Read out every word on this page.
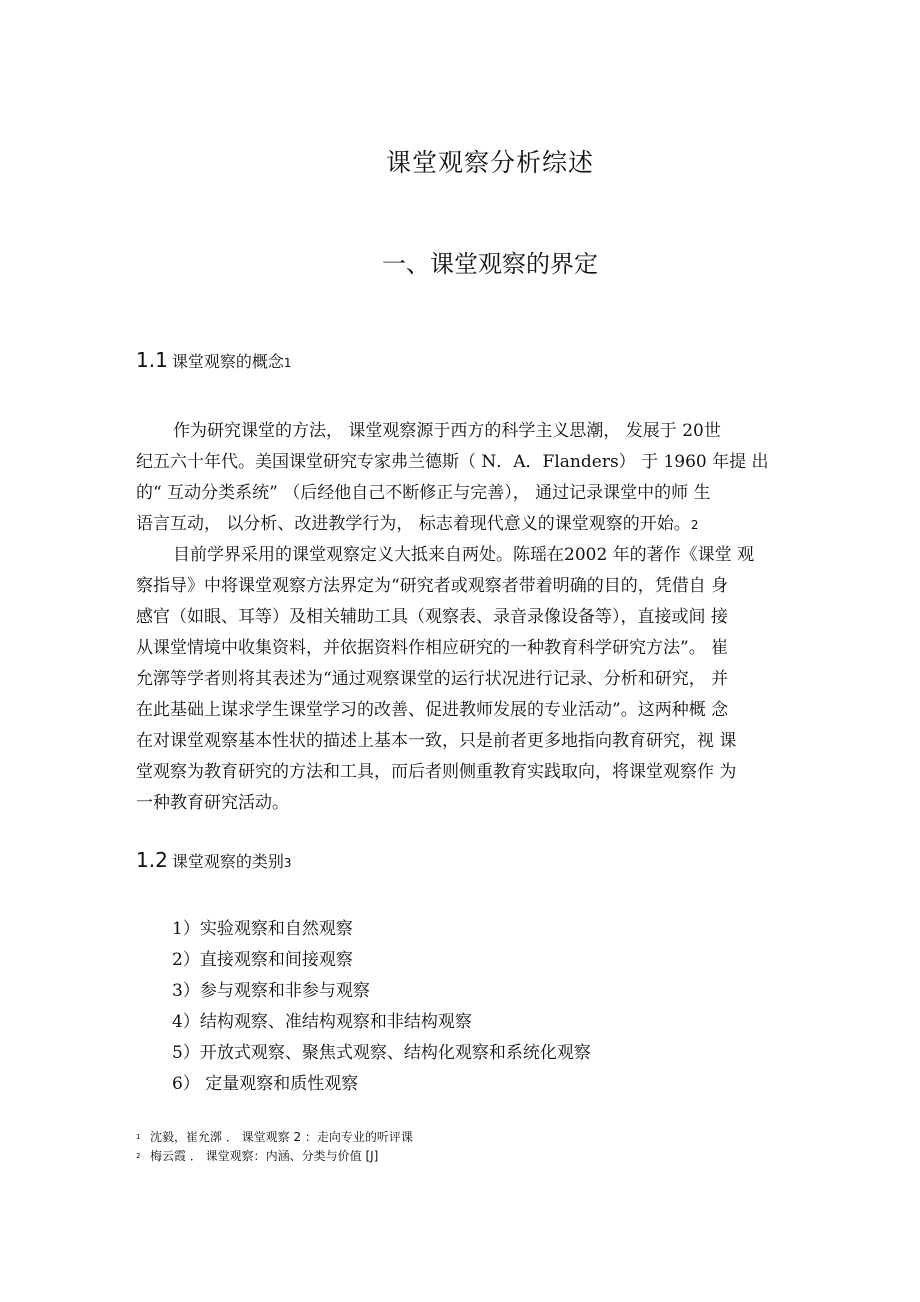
课堂观察分析综述
一、课堂观察的界定
1.1 课堂观察的概念1
作为研究课堂的方法， 课堂观察源于西方的科学主义思潮， 发展于 20世
纪五六十年代。美国课堂研究专家弗兰德斯（ N．A．Flanders） 于 1960 年提 出
的“ 互动分类系统” （后经他自己不断修正与完善）， 通过记录课堂中的师 生
语言互动， 以分析、改进教学行为， 标志着现代意义的课堂观察的开始。2
目前学界采用的课堂观察定义大抵来自两处。陈瑶在2002 年的著作《课堂 观
察指导》中将课堂观察方法界定为“研究者或观察者带着明确的目的，凭借自 身
感官（如眼、耳等）及相关辅助工具（观察表、录音录像设备等），直接或间 接
从课堂情境中收集资料，并依据资料作相应研究的一种教育科学研究方法”。 崔
允漷等学者则将其表述为“通过观察课堂的运行状况进行记录、分析和研究， 并
在此基础上谋求学生课堂学习的改善、促进教师发展的专业活动”。这两种概 念
在对课堂观察基本性状的描述上基本一致，只是前者更多地指向教育研究，视 课
堂观察为教育研究的方法和工具，而后者则侧重教育实践取向，将课堂观察作 为
一种教育研究活动。
1.2 课堂观察的类别3
1）实验观察和自然观察
2）直接观察和间接观察
3）参与观察和非参与观察
4）结构观察、准结构观察和非结构观察
5）开放式观察、聚焦式观察、结构化观察和系统化观察
6） 定量观察和质性观察
1 沈毅，崔允漷 ． 课堂观察 2 ：走向专业的听评课
2 梅云霞 ． 课堂观察：内涵、分类与价值 [J]
